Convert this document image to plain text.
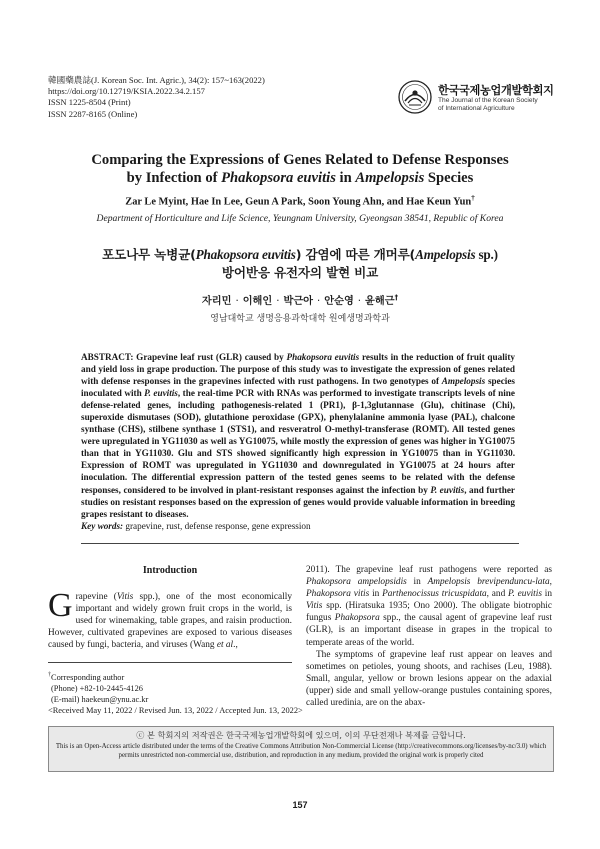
韓國藥農誌(J. Korean Soc. Int. Agric.), 34(2): 157~163(2022)
https://doi.org/10.12719/KSIA.2022.34.2.157
ISSN 1225-8504 (Print)
ISSN 2287-8165 (Online)
한국국제농업개발학회지
The Journal of the Korean Society
of International Agriculture
Comparing the Expressions of Genes Related to Defense Responses
by Infection of Phakopsora euvitis in Ampelopsis Species
Zar Le Myint, Hae In Lee, Geun A Park, Soon Young Ahn, and Hae Keun Yun†
Department of Horticulture and Life Science, Yeungnam University, Gyeongsan 38541, Republic of Korea
포도나무 녹병균(Phakopsora euvitis) 감염에 따른 개머루(Ampelopsis sp.)
방어반응 유전자의 발현 비교
자리민 · 이해인 · 박근아 · 안순영 · 윤해근†
영남대학교 생명응용과학대학 원예생명과학과
ABSTRACT: Grapevine leaf rust (GLR) caused by Phakopsora euvitis results in the reduction of fruit quality and yield loss in grape production. The purpose of this study was to investigate the expression of genes related with defense responses in the grapevines infected with rust pathogens. In two genotypes of Ampelopsis species inoculated with P. euvitis, the real-time PCR with RNAs was performed to investigate transcripts levels of nine defense-related genes, including pathogenesis-related 1 (PR1), β-1,3glutannase (Glu), chitinase (Chi), superoxide dismutases (SOD), glutathione peroxidase (GPX), phenylalanine ammonia lyase (PAL), chalcone synthase (CHS), stilbene synthase 1 (STS1), and resveratrol O-methyl-transferase (ROMT). All tested genes were upregulated in YG11030 as well as YG10075, while mostly the expression of genes was higher in YG10075 than that in YG11030. Glu and STS showed significantly high expression in YG10075 than in YG11030. Expression of ROMT was upregulated in YG11030 and downregulated in YG10075 at 24 hours after inoculation. The differential expression pattern of the tested genes seems to be related with the defense responses, considered to be involved in plant-resistant responses against the infection by P. euvitis, and further studies on resistant responses based on the expression of genes would provide valuable information in breeding grapes resistant to diseases.
Key words: grapevine, rust, defense response, gene expression
Introduction

Grapevine (Vitis spp.), one of the most economically important and widely grown fruit crops in the world, is used for winemaking, table grapes, and raisin production. However, cultivated grapevines are exposed to various diseases caused by fungi, bacteria, and viruses (Wang et al.,

†Corresponding author
(Phone) +82-10-2445-4126
(E-mail) haekeun@ynu.ac.kr
<Received May 11, 2022 / Revised Jun. 13, 2022 / Accepted Jun. 13, 2022>

2011). The grapevine leaf rust pathogens were reported as Phakopsora ampelopsidis in Ampelopsis brevipenduncu-lata, Phakopsora vitis in Parthenocissus tricuspidata, and P. euvitis in Vitis spp. (Hiratsuka 1935; Ono 2000). The obligate biotrophic fungus Phakopsora spp., the causal agent of grapevine leaf rust (GLR), is an important disease in grapes in the tropical to temperate areas of the world.

The symptoms of grapevine leaf rust appear on leaves and sometimes on petioles, young shoots, and rachises (Leu, 1988). Small, angular, yellow or brown lesions appear on the adaxial (upper) side and small yellow-orange pustules containing spores, called uredinia, are on the abax-

ⓒ 본 학회지의 저작권은 한국국제농업개발학회에 있으며, 이의 무단전재나 복제를 금합니다.
This is an Open-Access article distributed under the terms of the Creative Commons Attribution Non-Commercial License (http://creativecommons.org/licenses/by-nc/3.0) which
permits unrestricted non-commercial use, distribution, and reproduction in any medium, provided the original work is properly cited
157
